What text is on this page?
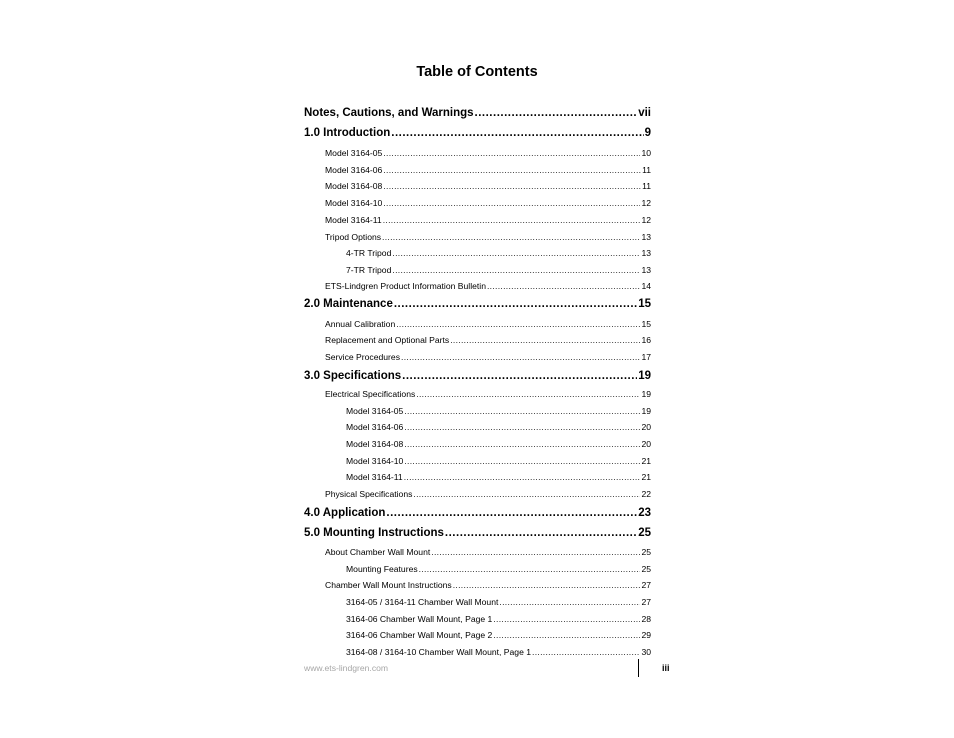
Table of Contents
Notes, Cautions, and Warnings .....	vii
1.0 Introduction .....	9
Model 3164-05 .....	10
Model 3164-06 .....	11
Model 3164-08 .....	11
Model 3164-10 .....	12
Model 3164-11 .....	12
Tripod Options .....	13
4-TR Tripod .....	13
7-TR Tripod .....	13
ETS-Lindgren Product Information Bulletin .....	14
2.0 Maintenance .....	15
Annual Calibration .....	15
Replacement and Optional Parts .....	16
Service Procedures .....	17
3.0 Specifications .....	19
Electrical Specifications .....	19
Model 3164-05 .....	19
Model 3164-06 .....	20
Model 3164-08 .....	20
Model 3164-10 .....	21
Model 3164-11 .....	21
Physical Specifications .....	22
4.0 Application .....	23
5.0 Mounting Instructions .....	25
About Chamber Wall Mount .....	25
Mounting Features .....	25
Chamber Wall Mount Instructions .....	27
3164-05 / 3164-11 Chamber Wall Mount .....	27
3164-06 Chamber Wall Mount, Page 1 .....	28
3164-06 Chamber Wall Mount, Page 2 .....	29
3164-08 / 3164-10 Chamber Wall Mount, Page 1 .....	30
www.ets-lindgren.com	iii
